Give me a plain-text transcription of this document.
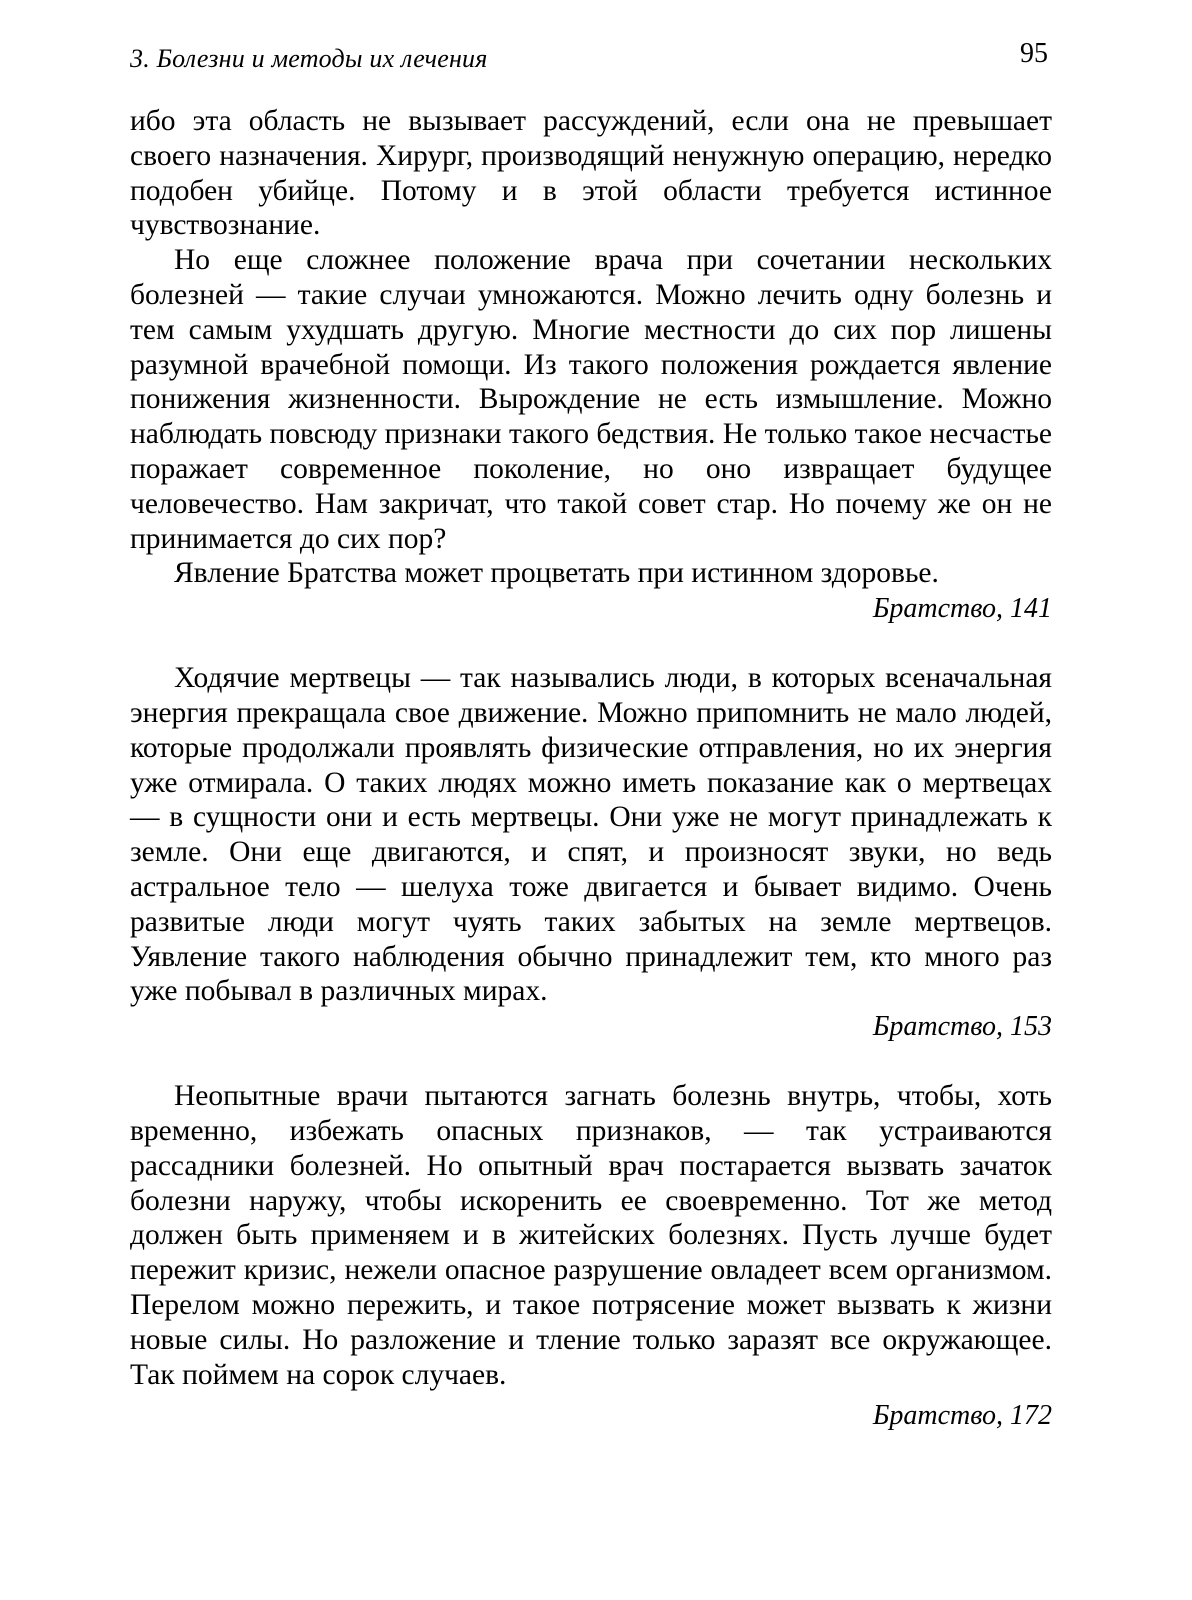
3. Болезни и методы их лечения	95

ибо эта область не вызывает рассуждений, если она не превышает своего назначения. Хирург, производящий ненужную операцию, нередко подобен убийце. Потому и в этой области требуется истинное чувствознание.

Но еще сложнее положение врача при сочетании нескольких болезней — такие случаи умножаются. Можно лечить одну болезнь и тем самым ухудшать другую. Многие местности до сих пор лишены разумной врачебной помощи. Из такого положения рождается явление понижения жизненности. Вырождение не есть измышление. Можно наблюдать повсюду признаки такого бедствия. Не только такое несчастье поражает современное поколение, но оно извращает будущее человечество. Нам закричат, что такой совет стар. Но почему же он не принимается до сих пор?

Явление Братства может процветать при истинном здоровье.

Братство, 141

Ходячие мертвецы — так назывались люди, в которых всеначальная энергия прекращала свое движение. Можно припомнить не мало людей, которые продолжали проявлять физические отправления, но их энергия уже отмирала. О таких людях можно иметь показание как о мертвецах — в сущности они и есть мертвецы. Они уже не могут принадлежать к земле. Они еще двигаются, и спят, и произносят звуки, но ведь астральное тело — шелуха тоже двигается и бывает видимо. Очень развитые люди могут чуять таких забытых на земле мертвецов. Уявление такого наблюдения обычно принадлежит тем, кто много раз уже побывал в различных мирах.

Братство, 153

Неопытные врачи пытаются загнать болезнь внутрь, чтобы, хоть временно, избежать опасных признаков, — так устраиваются рассадники болезней. Но опытный врач постарается вызвать зачаток болезни наружу, чтобы искоренить ее своевременно. Тот же метод должен быть применяем и в житейских болезнях. Пусть лучше будет пережит кризис, нежели опасное разрушение овладеет всем организмом. Перелом можно пережить, и такое потрясение может вызвать к жизни новые силы. Но разложение и тление только заразят все окружающее. Так поймем на сорок случаев.

Братство, 172
